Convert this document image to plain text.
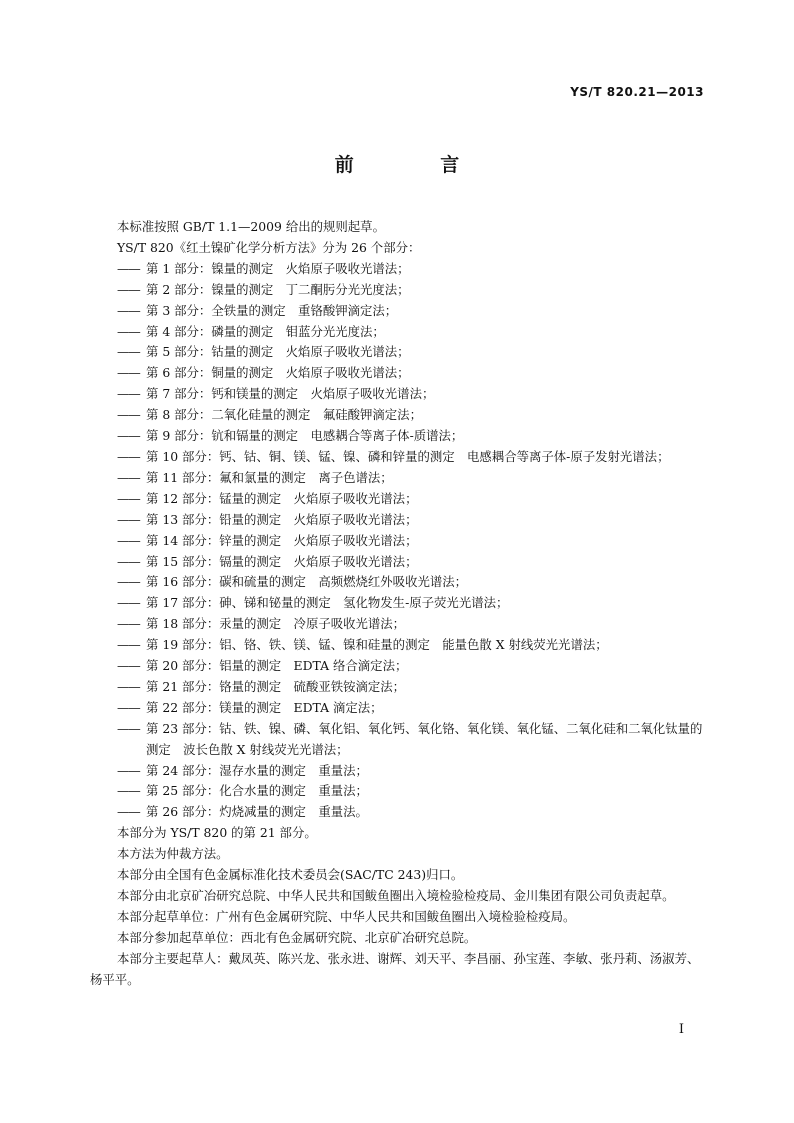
YS/T 820.21—2013
前 言

本标准按照 GB/T 1.1—2009 给出的规则起草。

YS/T 820《红土镍矿化学分析方法》分为 26 个部分：

—— 第 1 部分：镍量的测定　火焰原子吸收光谱法；
—— 第 2 部分：镍量的测定　丁二酮肟分光光度法；
—— 第 3 部分：全铁量的测定　重铬酸钾滴定法；
—— 第 4 部分：磷量的测定　钼蓝分光光度法；
—— 第 5 部分：钴量的测定　火焰原子吸收光谱法；
—— 第 6 部分：铜量的测定　火焰原子吸收光谱法；
—— 第 7 部分：钙和镁量的测定　火焰原子吸收光谱法；
—— 第 8 部分：二氧化硅量的测定　氟硅酸钾滴定法；
—— 第 9 部分：钪和镉量的测定　电感耦合等离子体-质谱法；
—— 第 10 部分：钙、钴、铜、镁、锰、镍、磷和锌量的测定　电感耦合等离子体-原子发射光谱法；
—— 第 11 部分：氟和氯量的测定　离子色谱法；
—— 第 12 部分：锰量的测定　火焰原子吸收光谱法；
—— 第 13 部分：铅量的测定　火焰原子吸收光谱法；
—— 第 14 部分：锌量的测定　火焰原子吸收光谱法；
—— 第 15 部分：镉量的测定　火焰原子吸收光谱法；
—— 第 16 部分：碳和硫量的测定　高频燃烧红外吸收光谱法；
—— 第 17 部分：砷、锑和铋量的测定　氢化物发生-原子荧光光谱法；
—— 第 18 部分：汞量的测定　冷原子吸收光谱法；
—— 第 19 部分：铝、铬、铁、镁、锰、镍和硅量的测定　能量色散 X 射线荧光光谱法；
—— 第 20 部分：铝量的测定　EDTA 络合滴定法；
—— 第 21 部分：铬量的测定　硫酸亚铁铵滴定法；
—— 第 22 部分：镁量的测定　EDTA 滴定法；
—— 第 23 部分：钴、铁、镍、磷、氧化铝、氧化钙、氧化铬、氧化镁、氧化锰、二氧化硅和二氧化钛量的测定　波长色散 X 射线荧光光谱法；
—— 第 24 部分：湿存水量的测定　重量法；
—— 第 25 部分：化合水量的测定　重量法；
—— 第 26 部分：灼烧减量的测定　重量法。

本部分为 YS/T 820 的第 21 部分。

本方法为仲裁方法。

本部分由全国有色金属标准化技术委员会(SAC/TC 243)归口。

本部分由北京矿冶研究总院、中华人民共和国鲅鱼圈出入境检验检疫局、金川集团有限公司负责起草。

本部分起草单位：广州有色金属研究院、中华人民共和国鲅鱼圈出入境检验检疫局。

本部分参加起草单位：西北有色金属研究院、北京矿冶研究总院。

本部分主要起草人：戴凤英、陈兴龙、张永进、谢辉、刘天平、李昌丽、孙宝莲、李敏、张丹莉、汤淑芳、杨平平。

I
